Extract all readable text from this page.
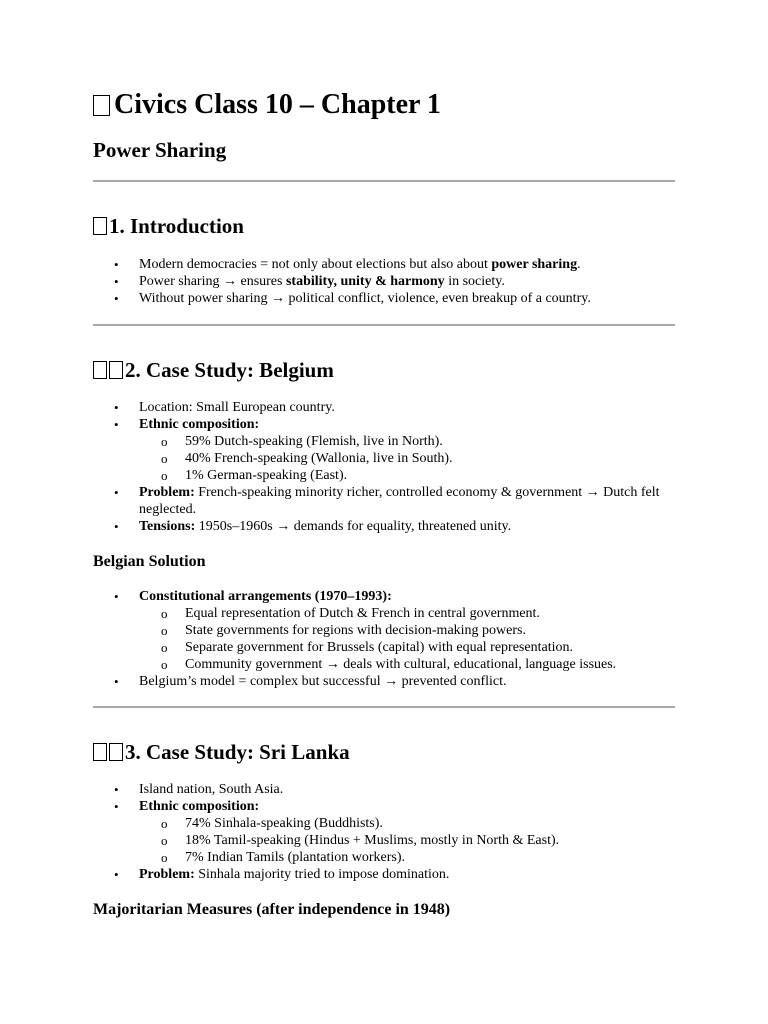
Civics Class 10 – Chapter 1
Power Sharing
1. Introduction
• Modern democracies = not only about elections but also about power sharing.
• Power sharing → ensures stability, unity & harmony in society.
• Without power sharing → political conflict, violence, even breakup of a country.
2. Case Study: Belgium
• Location: Small European country.
• Ethnic composition:
o 59% Dutch-speaking (Flemish, live in North).
o 40% French-speaking (Wallonia, live in South).
o 1% German-speaking (East).
• Problem: French-speaking minority richer, controlled economy & government → Dutch felt neglected.
• Tensions: 1950s–1960s → demands for equality, threatened unity.
Belgian Solution
• Constitutional arrangements (1970–1993):
o Equal representation of Dutch & French in central government.
o State governments for regions with decision-making powers.
o Separate government for Brussels (capital) with equal representation.
o Community government → deals with cultural, educational, language issues.
• Belgium’s model = complex but successful → prevented conflict.
3. Case Study: Sri Lanka
• Island nation, South Asia.
• Ethnic composition:
o 74% Sinhala-speaking (Buddhists).
o 18% Tamil-speaking (Hindus + Muslims, mostly in North & East).
o 7% Indian Tamils (plantation workers).
• Problem: Sinhala majority tried to impose domination.
Majoritarian Measures (after independence in 1948)
